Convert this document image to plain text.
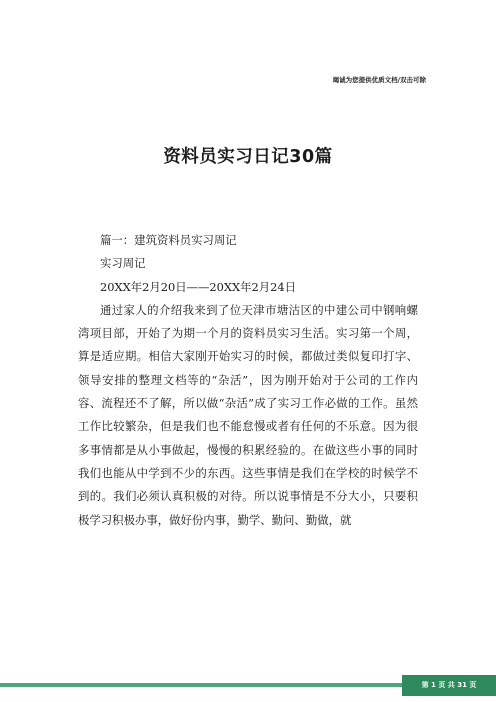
竭诚为您提供优质文档/双击可除
资料员实习日记30篇

篇一：建筑资料员实习周记

实习周记

20XX年2月20日——20XX年2月24日

通过家人的介绍我来到了位天津市塘沽区的中建公司中钢响螺湾项目部，开始了为期一个月的资料员实习生活。实习第一个周，算是适应期。相信大家刚开始实习的时候，都做过类似复印打字、领导安排的整理文档等的“杂活”，因为刚开始对于公司的工作内容、流程还不了解，所以做“杂活”成了实习工作必做的工作。虽然工作比较繁杂，但是我们也不能怠慢或者有任何的不乐意。因为很多事情都是从小事做起，慢慢的积累经验的。在做这些小事的同时我们也能从中学到不少的东西。这些事情是我们在学校的时候学不到的。我们必须认真积极的对待。所以说事情是不分大小，只要积极学习积极办事，做好份内事，勤学、勤问、勤做，就

第 1 页 共 31 页
